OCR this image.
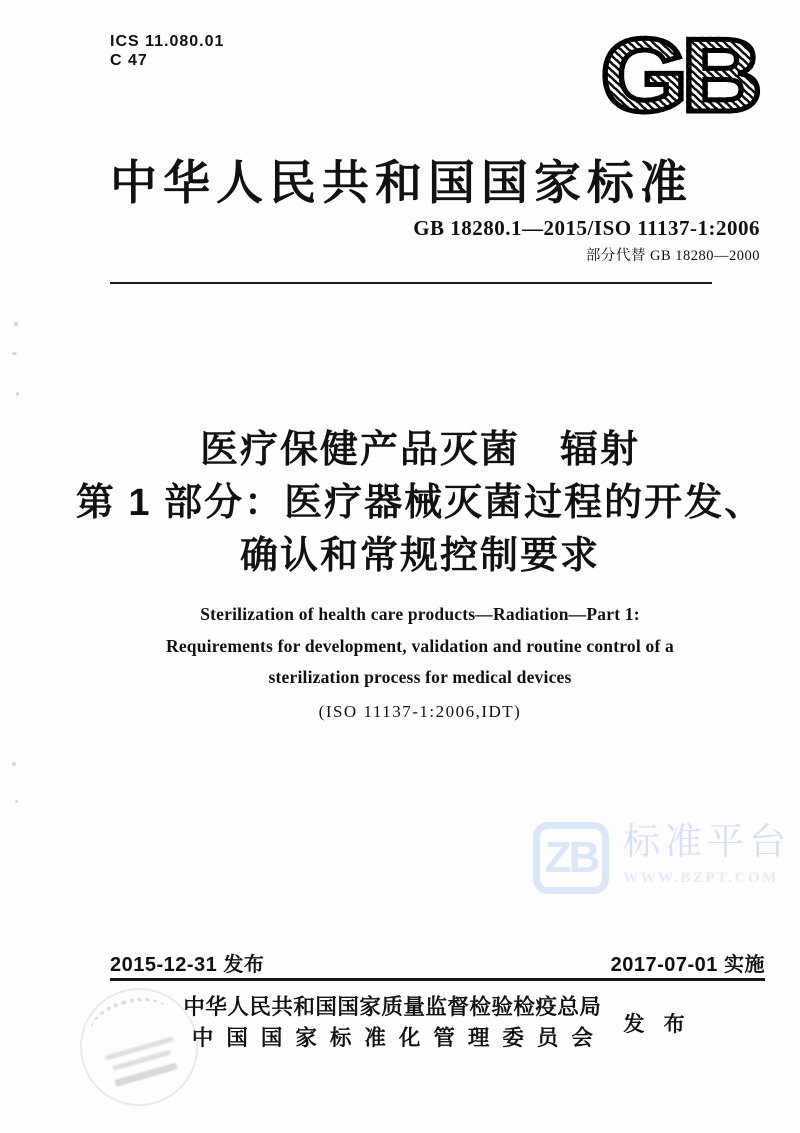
ICS 11.080.01
C 47	GB
中华人民共和国国家标准
GB 18280.1—2015/ISO 11137-1:2006
部分代替 GB 18280—2000
医疗保健产品灭菌　辐射
第 1 部分：医疗器械灭菌过程的开发、
确认和常规控制要求
Sterilization of health care products—Radiation—Part 1:
Requirements for development, validation and routine control of a
sterilization process for medical devices
(ISO 11137-1:2006,IDT)
ZB 标准平台
WWW.BZPT.COM
2015-12-31 发布	2017-07-01 实施
中华人民共和国国家质量监督检验检疫总局
中国国家标准化管理委员会
发 布
